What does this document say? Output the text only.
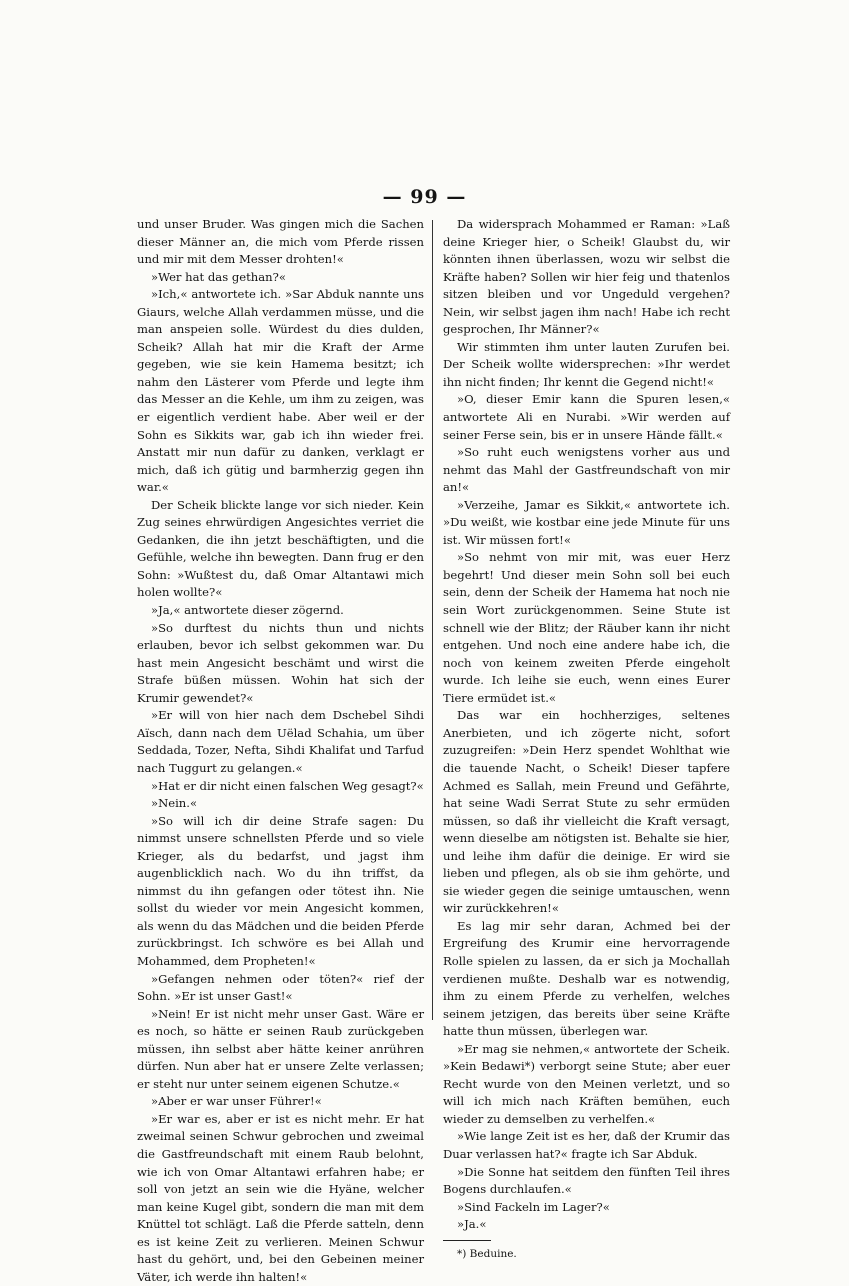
— 99 —

und unser Bruder. Was gingen mich die Sachen dieser Männer an, die mich vom Pferde rissen und mir mit dem Messer drohten!«

»Wer hat das gethan?«

»Ich,« antwortete ich. »Sar Abduk nannte uns Giaurs, welche Allah verdammen müsse, und die man anspeien solle. Würdest du dies dulden, Scheik? Allah hat mir die Kraft der Arme gegeben, wie sie kein Hamema besitzt; ich nahm den Lästerer vom Pferde und legte ihm das Messer an die Kehle, um ihm zu zeigen, was er eigentlich verdient habe. Aber weil er der Sohn es Sikkits war, gab ich ihn wieder frei. Anstatt mir nun dafür zu danken, verklagt er mich, daß ich gütig und barmherzig gegen ihn war.«

Der Scheik blickte lange vor sich nieder. Kein Zug seines ehrwürdigen Angesichtes verriet die Gedanken, die ihn jetzt beschäftigten, und die Gefühle, welche ihn bewegten. Dann frug er den Sohn: »Wußtest du, daß Omar Altantawi mich holen wollte?«

»Ja,« antwortete dieser zögernd.

»So durftest du nichts thun und nichts erlauben, bevor ich selbst gekommen war. Du hast mein Angesicht beschämt und wirst die Strafe büßen müssen. Wohin hat sich der Krumir gewendet?«

»Er will von hier nach dem Dschebel Sihdi Aïsch, dann nach dem Uëlad Schahia, um über Seddada, Tozer, Nefta, Sihdi Khalifat und Tarfud nach Tuggurt zu gelangen.«

»Hat er dir nicht einen falschen Weg gesagt?«

»Nein.«

»So will ich dir deine Strafe sagen: Du nimmst unsere schnellsten Pferde und so viele Krieger, als du bedarfst, und jagst ihm augenblicklich nach. Wo du ihn triffst, da nimmst du ihn gefangen oder tötest ihn. Nie sollst du wieder vor mein Angesicht kommen, als wenn du das Mädchen und die beiden Pferde zurückbringst. Ich schwöre es bei Allah und Mohammed, dem Propheten!«

»Gefangen nehmen oder töten?« rief der Sohn. »Er ist unser Gast!«

»Nein! Er ist nicht mehr unser Gast. Wäre er es noch, so hätte er seinen Raub zurückgeben müssen, ihn selbst aber hätte keiner anrühren dürfen. Nun aber hat er unsere Zelte verlassen; er steht nur unter seinem eigenen Schutze.«

»Aber er war unser Führer!«

»Er war es, aber er ist es nicht mehr. Er hat zweimal seinen Schwur gebrochen und zweimal die Gastfreundschaft mit einem Raub belohnt, wie ich von Omar Altantawi erfahren habe; er soll von jetzt an sein wie die Hyäne, welcher man keine Kugel gibt, sondern die man mit dem Knüttel tot schlägt. Laß die Pferde satteln, denn es ist keine Zeit zu verlieren. Meinen Schwur hast du gehört, und, bei den Gebeinen meiner Väter, ich werde ihn halten!«

Da widersprach Mohammed er Raman: »Laß deine Krieger hier, o Scheik! Glaubst du, wir könnten ihnen überlassen, wozu wir selbst die Kräfte haben? Sollen wir hier feig und thatenlos sitzen bleiben und vor Ungeduld vergehen? Nein, wir selbst jagen ihm nach! Habe ich recht gesprochen, Ihr Männer?«

Wir stimmten ihm unter lauten Zurufen bei. Der Scheik wollte widersprechen: »Ihr werdet ihn nicht finden; Ihr kennt die Gegend nicht!«

»O, dieser Emir kann die Spuren lesen,« antwortete Ali en Nurabi. »Wir werden auf seiner Ferse sein, bis er in unsere Hände fällt.«

»So ruht euch wenigstens vorher aus und nehmt das Mahl der Gastfreundschaft von mir an!«

»Verzeihe, Jamar es Sikkit,« antwortete ich. »Du weißt, wie kostbar eine jede Minute für uns ist. Wir müssen fort!«

»So nehmt von mir mit, was euer Herz begehrt! Und dieser mein Sohn soll bei euch sein, denn der Scheik der Hamema hat noch nie sein Wort zurückgenommen. Seine Stute ist schnell wie der Blitz; der Räuber kann ihr nicht entgehen. Und noch eine andere habe ich, die noch von keinem zweiten Pferde eingeholt wurde. Ich leihe sie euch, wenn eines Eurer Tiere ermüdet ist.«

Das war ein hochherziges, seltenes Anerbieten, und ich zögerte nicht, sofort zuzugreifen: »Dein Herz spendet Wohlthat wie die tauende Nacht, o Scheik! Dieser tapfere Achmed es Sallah, mein Freund und Gefährte, hat seine Wadi Serrat Stute zu sehr ermüden müssen, so daß ihr vielleicht die Kraft versagt, wenn dieselbe am nötigsten ist. Behalte sie hier, und leihe ihm dafür die deinige. Er wird sie lieben und pflegen, als ob sie ihm gehörte, und sie wieder gegen die seinige umtauschen, wenn wir zurückkehren!«

Es lag mir sehr daran, Achmed bei der Ergreifung des Krumir eine hervorragende Rolle spielen zu lassen, da er sich ja Mochallah verdienen mußte. Deshalb war es notwendig, ihm zu einem Pferde zu verhelfen, welches seinem jetzigen, das bereits über seine Kräfte hatte thun müssen, überlegen war.

»Er mag sie nehmen,« antwortete der Scheik. »Kein Bedawi*) verborgt seine Stute; aber euer Recht wurde von den Meinen verletzt, und so will ich mich nach Kräften bemühen, euch wieder zu demselben zu verhelfen.«

»Wie lange Zeit ist es her, daß der Krumir das Duar verlassen hat?« fragte ich Sar Abduk.

»Die Sonne hat seitdem den fünften Teil ihres Bogens durchlaufen.«

»Sind Fackeln im Lager?«

»Ja.«

*) Beduine.
